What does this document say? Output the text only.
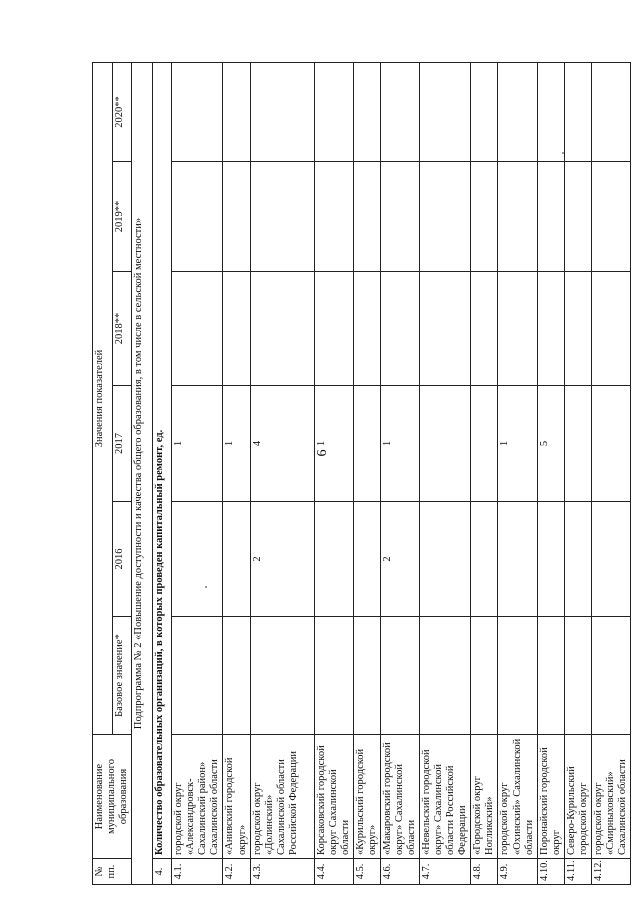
6
№ пп.	Наименование муниципального образования	Значения показателей					
		Базовое значение*	2016	2017	2018**	2019**	2020**
Подпрограмма № 2 «Повышение доступности и качества общего образования, в том числе в сельской местности»							
4.	Количество образовательных организаций, в которых проведен капитальный ремонт, ед.						
4.1.	городской округ «Александровск-Сахалинский район» Сахалинской области			1			
4.2.	«Анивский городской округ»			1			
4.3.	городской округ «Долинский» Сахалинской области Российской Федерации		2	4			
4.4.	Корсаковский городской округ Сахалинской области			1			
4.5.	«Курильский городской округ»						
4.6.	«Макаровский городской округ» Сахалинской области		2	1			
4.7.	«Невельский городской округ» Сахалинской области Российской Федерации						
4.8.	«Городской округ Ногликский»						
4.9.	городской округ «Охинский» Сахалинской области			1			
4.10.	Поронайский городской округ			5			
4.11.	Северо-Курильский городской округ						
4.12.	городской округ «Смирныховский» Сахалинской области						
